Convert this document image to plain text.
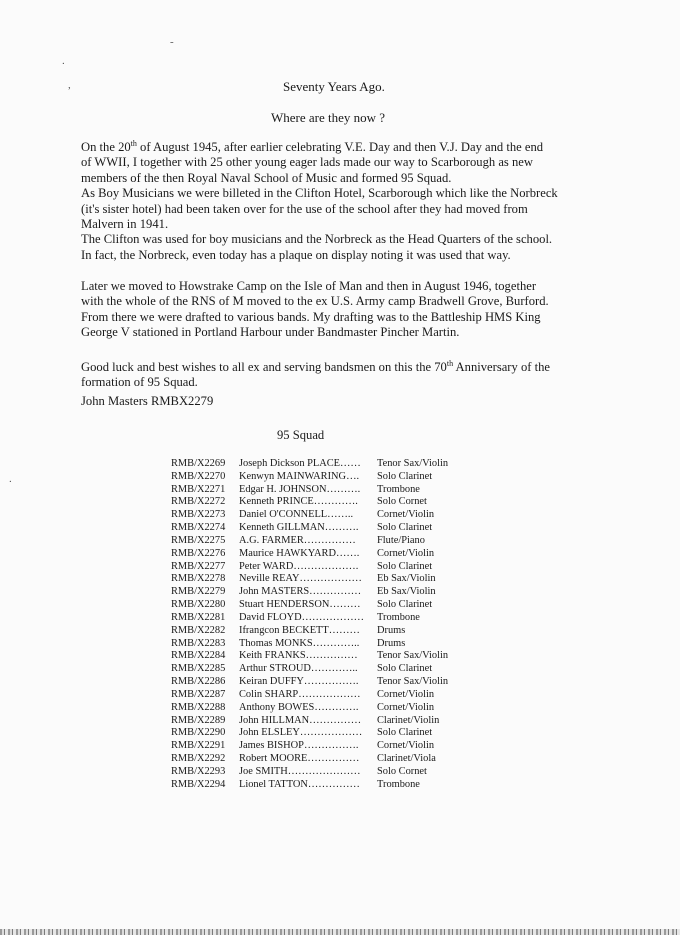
,
-
.
.
Seventy Years Ago.
Where are they now ?
On the 20th of August 1945, after earlier celebrating V.E. Day and then V.J. Day and the end
of WWII, I together with 25 other young eager lads made our way to Scarborough as new
members of the then Royal Naval School of Music and formed 95 Squad.
As Boy Musicians we were billeted in the Clifton Hotel, Scarborough which like the Norbreck
(it's sister hotel) had been taken over for the use of the school after they had moved from
Malvern in 1941.
The Clifton was used for boy musicians and the Norbreck as the Head Quarters of the school.
In fact, the Norbreck, even today has a plaque on display noting it was used that way.
Later we moved to Howstrake Camp on the Isle of Man and then in August 1946, together
with the whole of the RNS of M moved to the ex U.S. Army camp Bradwell Grove, Burford.
From there we were drafted to various bands. My drafting was to the Battleship HMS King
George V stationed in Portland Harbour under Bandmaster Pincher Martin.
Good luck and best wishes to all ex and serving bandsmen on this the 70th Anniversary of the
formation of 95 Squad.
John Masters RMBX2279
95 Squad
RMB/X2269 Joseph Dickson PLACE…… Tenor Sax/Violin
RMB/X2270 Kenwyn MAINWARING…. Solo Clarinet
RMB/X2271 Edgar H. JOHNSON………. Trombone
RMB/X2272 Kenneth PRINCE…………. Solo Cornet
RMB/X2273 Daniel O'CONNELL…….. Cornet/Violin
RMB/X2274 Kenneth GILLMAN………. Solo Clarinet
RMB/X2275 A.G. FARMER…………… Flute/Piano
RMB/X2276 Maurice HAWKYARD……. Cornet/Violin
RMB/X2277 Peter WARD………………. Solo Clarinet
RMB/X2278 Neville REAY……………… Eb Sax/Violin
RMB/X2279 John MASTERS…………… Eb Sax/Violin
RMB/X2280 Stuart HENDERSON……… Solo Clarinet
RMB/X2281 David FLOYD……………… Trombone
RMB/X2282 Ifrangcon BECKETT……… Drums
RMB/X2283 Thomas MONKS………….. Drums
RMB/X2284 Keith FRANKS…………… Tenor Sax/Violin
RMB/X2285 Arthur STROUD………….. Solo Clarinet
RMB/X2286 Keiran DUFFY……………. Tenor Sax/Violin
RMB/X2287 Colin SHARP……………… Cornet/Violin
RMB/X2288 Anthony BOWES…………. Cornet/Violin
RMB/X2289 John HILLMAN…………… Clarinet/Violin
RMB/X2290 John ELSLEY……………… Solo Clarinet
RMB/X2291 James BISHOP……………. Cornet/Violin
RMB/X2292 Robert MOORE…………… Clarinet/Viola
RMB/X2293 Joe SMITH………………… Solo Cornet
RMB/X2294 Lionel TATTON…………… Trombone
